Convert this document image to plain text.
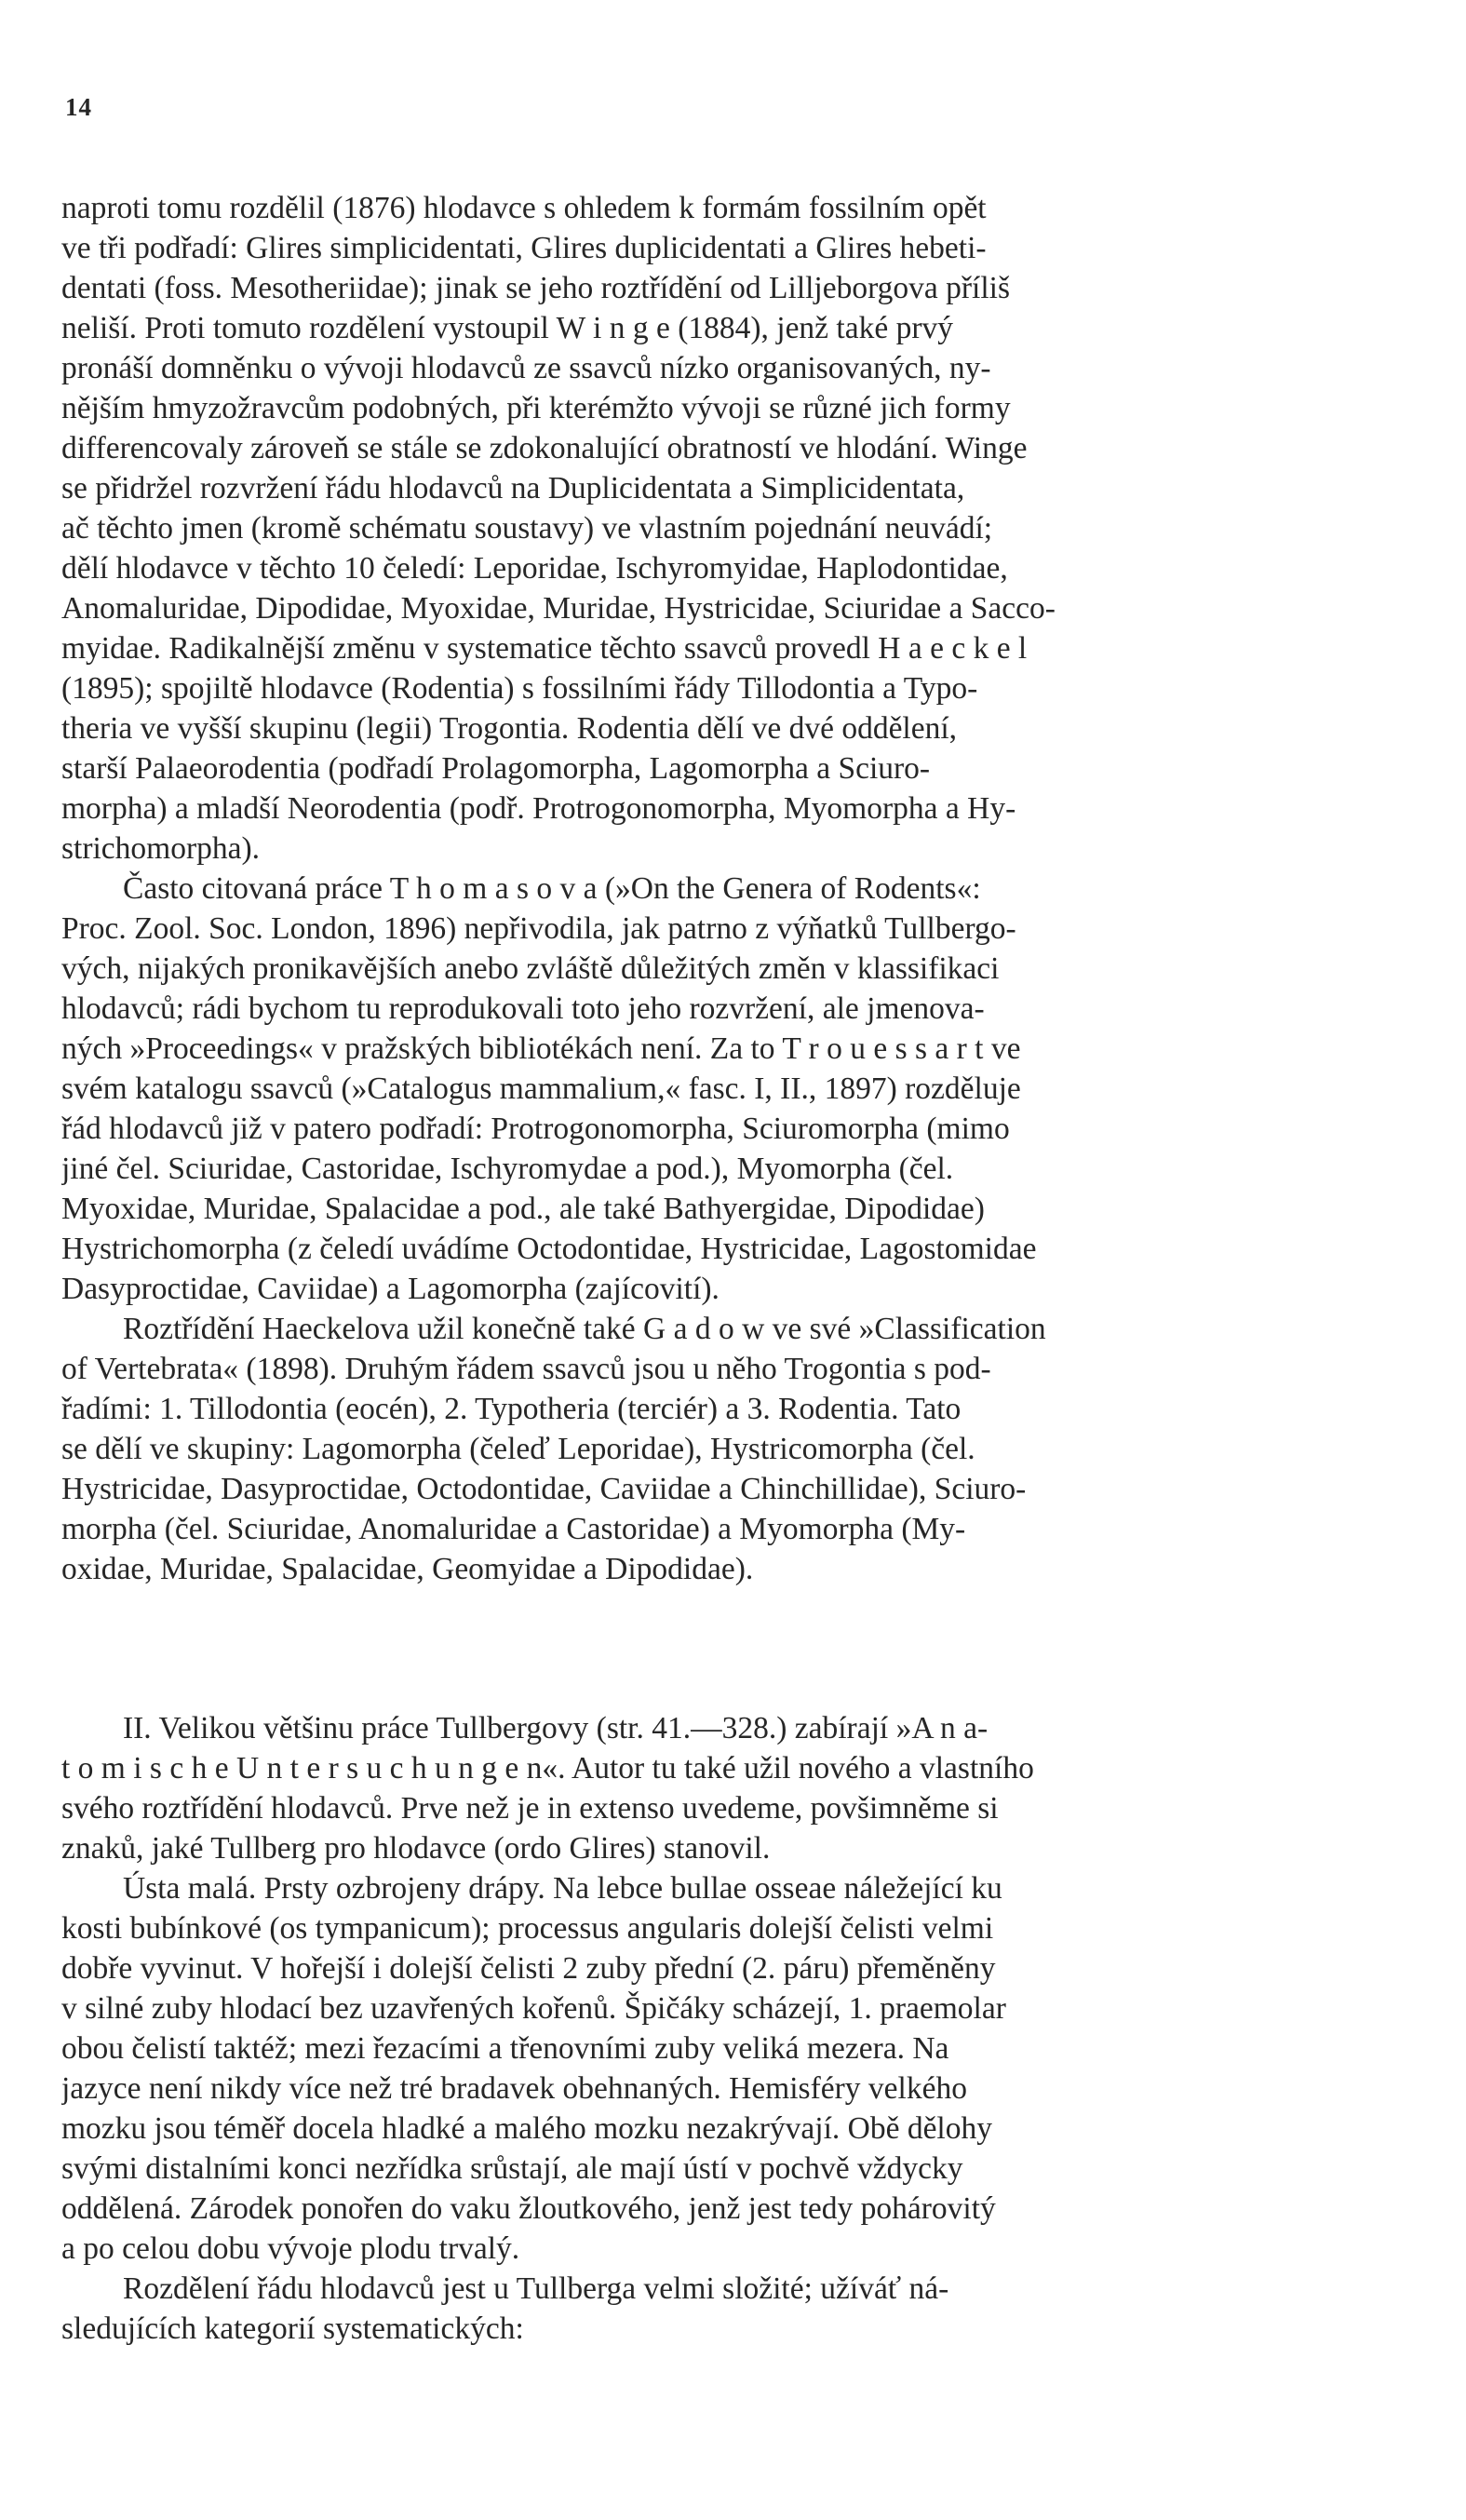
14
naproti tomu rozdělil (1876) hlodavce s ohledem k formám fossilním opět
ve tři podřadí: Glires simplicidentati, Glires duplicidentati a Glires hebeti-
dentati (foss. Mesotheriidae); jinak se jeho roztřídění od Lilljeborgova příliš
neliší. Proti tomuto rozdělení vystoupil W i n g e (1884), jenž také prvý
pronáší domněnku o vývoji hlodavců ze ssavců nízko organisovaných, ny-
nějším hmyzožravcům podobných, při kterémžto vývoji se různé jich formy
differencovaly zároveň se stále se zdokonalující obratností ve hlodání. Winge
se přidržel rozvržení řádu hlodavců na Duplicidentata a Simplicidentata,
ač těchto jmen (kromě schématu soustavy) ve vlastním pojednání neuvádí;
dělí hlodavce v těchto 10 čeledí: Leporidae, Ischyromyidae, Haplodontidae,
Anomaluridae, Dipodidae, Myoxidae, Muridae, Hystricidae, Sciuridae a Sacco-
myidae. Radikalnější změnu v systematice těchto ssavců provedl H a e c k e l
(1895); spojiltě hlodavce (Rodentia) s fossilními řády Tillodontia a Typo-
theria ve vyšší skupinu (legii) Trogontia. Rodentia dělí ve dvé oddělení,
starší Palaeorodentia (podřadí Prolagomorpha, Lagomorpha a Sciuro-
morpha) a mladší Neorodentia (podř. Protrogonomorpha, Myomorpha a Hy-
strichomorpha).
Často citovaná práce T h o m a s o v a (»On the Genera of Rodents«:
Proc. Zool. Soc. London, 1896) nepřivodila, jak patrno z výňatků Tullbergo-
vých, nijakých pronikavějších anebo zvláště důležitých změn v klassifikaci
hlodavců; rádi bychom tu reprodukovali toto jeho rozvržení, ale jmenova-
ných »Proceedings« v pražských bibliotékách není. Za to T r o u e s s a r t ve
svém katalogu ssavců (»Catalogus mammalium,« fasc. I, II., 1897) rozděluje
řád hlodavců již v patero podřadí: Protrogonomorpha, Sciuromorpha (mimo
jiné čel. Sciuridae, Castoridae, Ischyromydae a pod.), Myomorpha (čel.
Myoxidae, Muridae, Spalacidae a pod., ale také Bathyergidae, Dipodidae)
Hystrichomorpha (z čeledí uvádíme Octodontidae, Hystricidae, Lagostomidae
Dasyproctidae, Caviidae) a Lagomorpha (zajícovití).
Roztřídění Haeckelova užil konečně také G a d o w ve své »Classification
of Vertebrata« (1898). Druhým řádem ssavců jsou u něho Trogontia s pod-
řadími: 1. Tillodontia (eocén), 2. Typotheria (terciér) a 3. Rodentia. Tato
se dělí ve skupiny: Lagomorpha (čeleď Leporidae), Hystricomorpha (čel.
Hystricidae, Dasyproctidae, Octodontidae, Caviidae a Chinchillidae), Sciuro-
morpha (čel. Sciuridae, Anomaluridae a Castoridae) a Myomorpha (My-
oxidae, Muridae, Spalacidae, Geomyidae a Dipodidae).
II. Velikou většinu práce Tullbergovy (str. 41.—328.) zabírají »A n a-
t o m i s c h e U n t e r s u c h u n g e n«. Autor tu také užil nového a vlastního
svého roztřídění hlodavců. Prve než je in extenso uvedeme, povšimněme si
znaků, jaké Tullberg pro hlodavce (ordo Glires) stanovil.
Ústa malá. Prsty ozbrojeny drápy. Na lebce bullae osseae náležející ku
kosti bubínkové (os tympanicum); processus angularis dolejší čelisti velmi
dobře vyvinut. V hořejší i dolejší čelisti 2 zuby přední (2. páru) přeměněny
v silné zuby hlodací bez uzavřených kořenů. Špičáky scházejí, 1. praemolar
obou čelistí taktéž; mezi řezacími a třenovními zuby veliká mezera. Na
jazyce není nikdy více než tré bradavek obehnaných. Hemisféry velkého
mozku jsou téměř docela hladké a malého mozku nezakrývají. Obě dělohy
svými distalními konci nezřídka srůstají, ale mají ústí v pochvě vždycky
oddělená. Zárodek ponořen do vaku žloutkového, jenž jest tedy pohárovitý
a po celou dobu vývoje plodu trvalý.
Rozdělení řádu hlodavců jest u Tullberga velmi složité; užíváť ná-
sledujících kategorií systematických:
